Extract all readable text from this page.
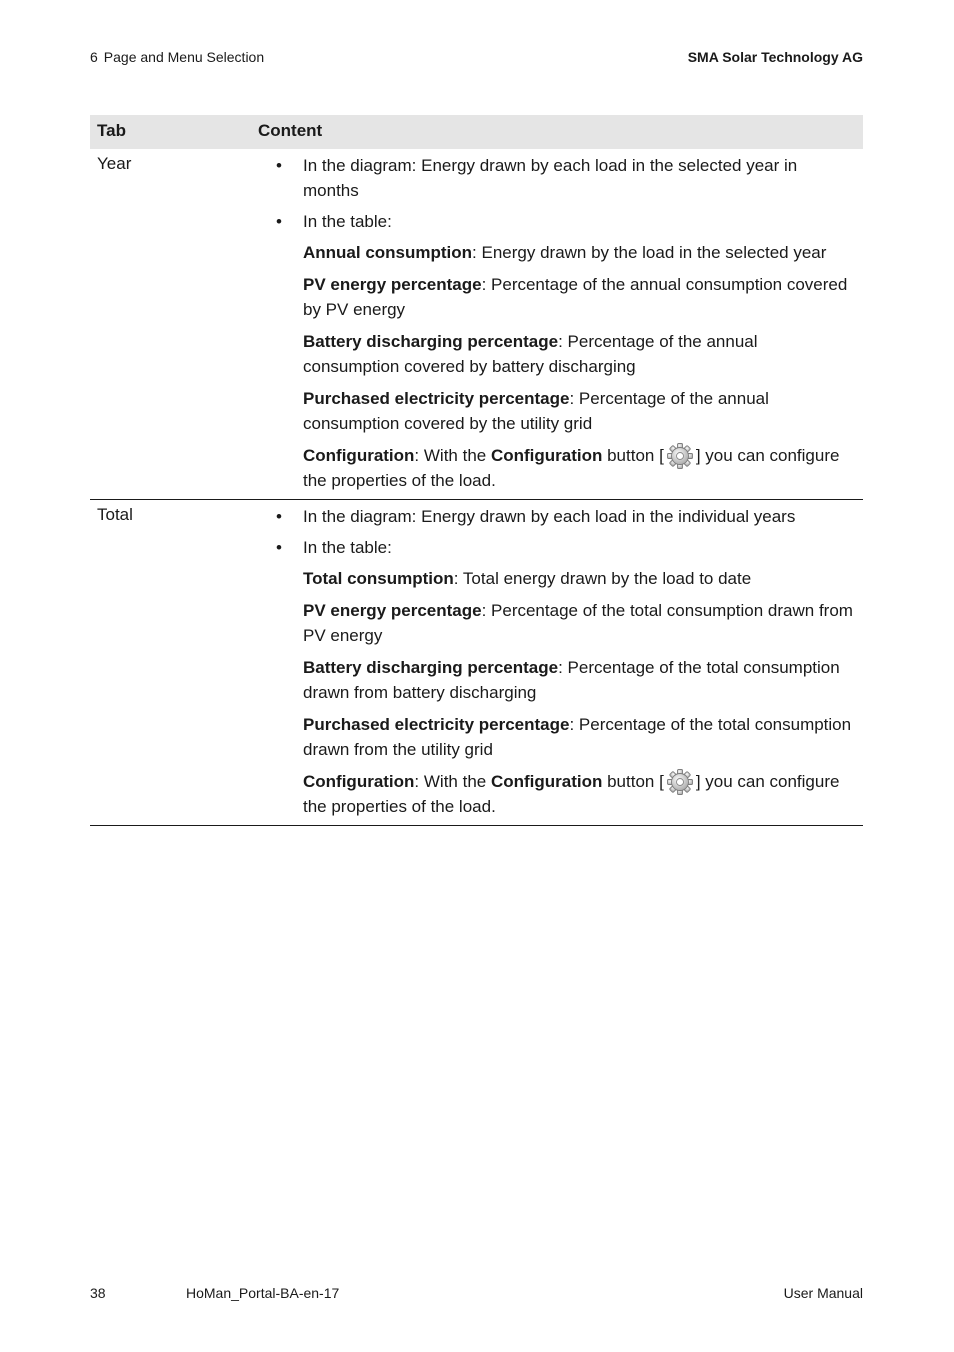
6 Page and Menu Selection	SMA Solar Technology AG
Tab	Content
Year	• In the diagram: Energy drawn by each load in the selected year in months
• In the table:
Annual consumption: Energy drawn by the load in the selected year
PV energy percentage: Percentage of the annual consumption covered by PV energy
Battery discharging percentage: Percentage of the annual consumption covered by battery discharging
Purchased electricity percentage: Percentage of the annual consumption covered by the utility grid
Configuration: With the Configuration button [ ] you can configure the properties of the load.
Total	• In the diagram: Energy drawn by each load in the individual years
• In the table:
Total consumption: Total energy drawn by the load to date
PV energy percentage: Percentage of the total consumption drawn from PV energy
Battery discharging percentage: Percentage of the total consumption drawn from battery discharging
Purchased electricity percentage: Percentage of the total consumption drawn from the utility grid
Configuration: With the Configuration button [ ] you can configure the properties of the load.
38	HoMan_Portal-BA-en-17	User Manual
